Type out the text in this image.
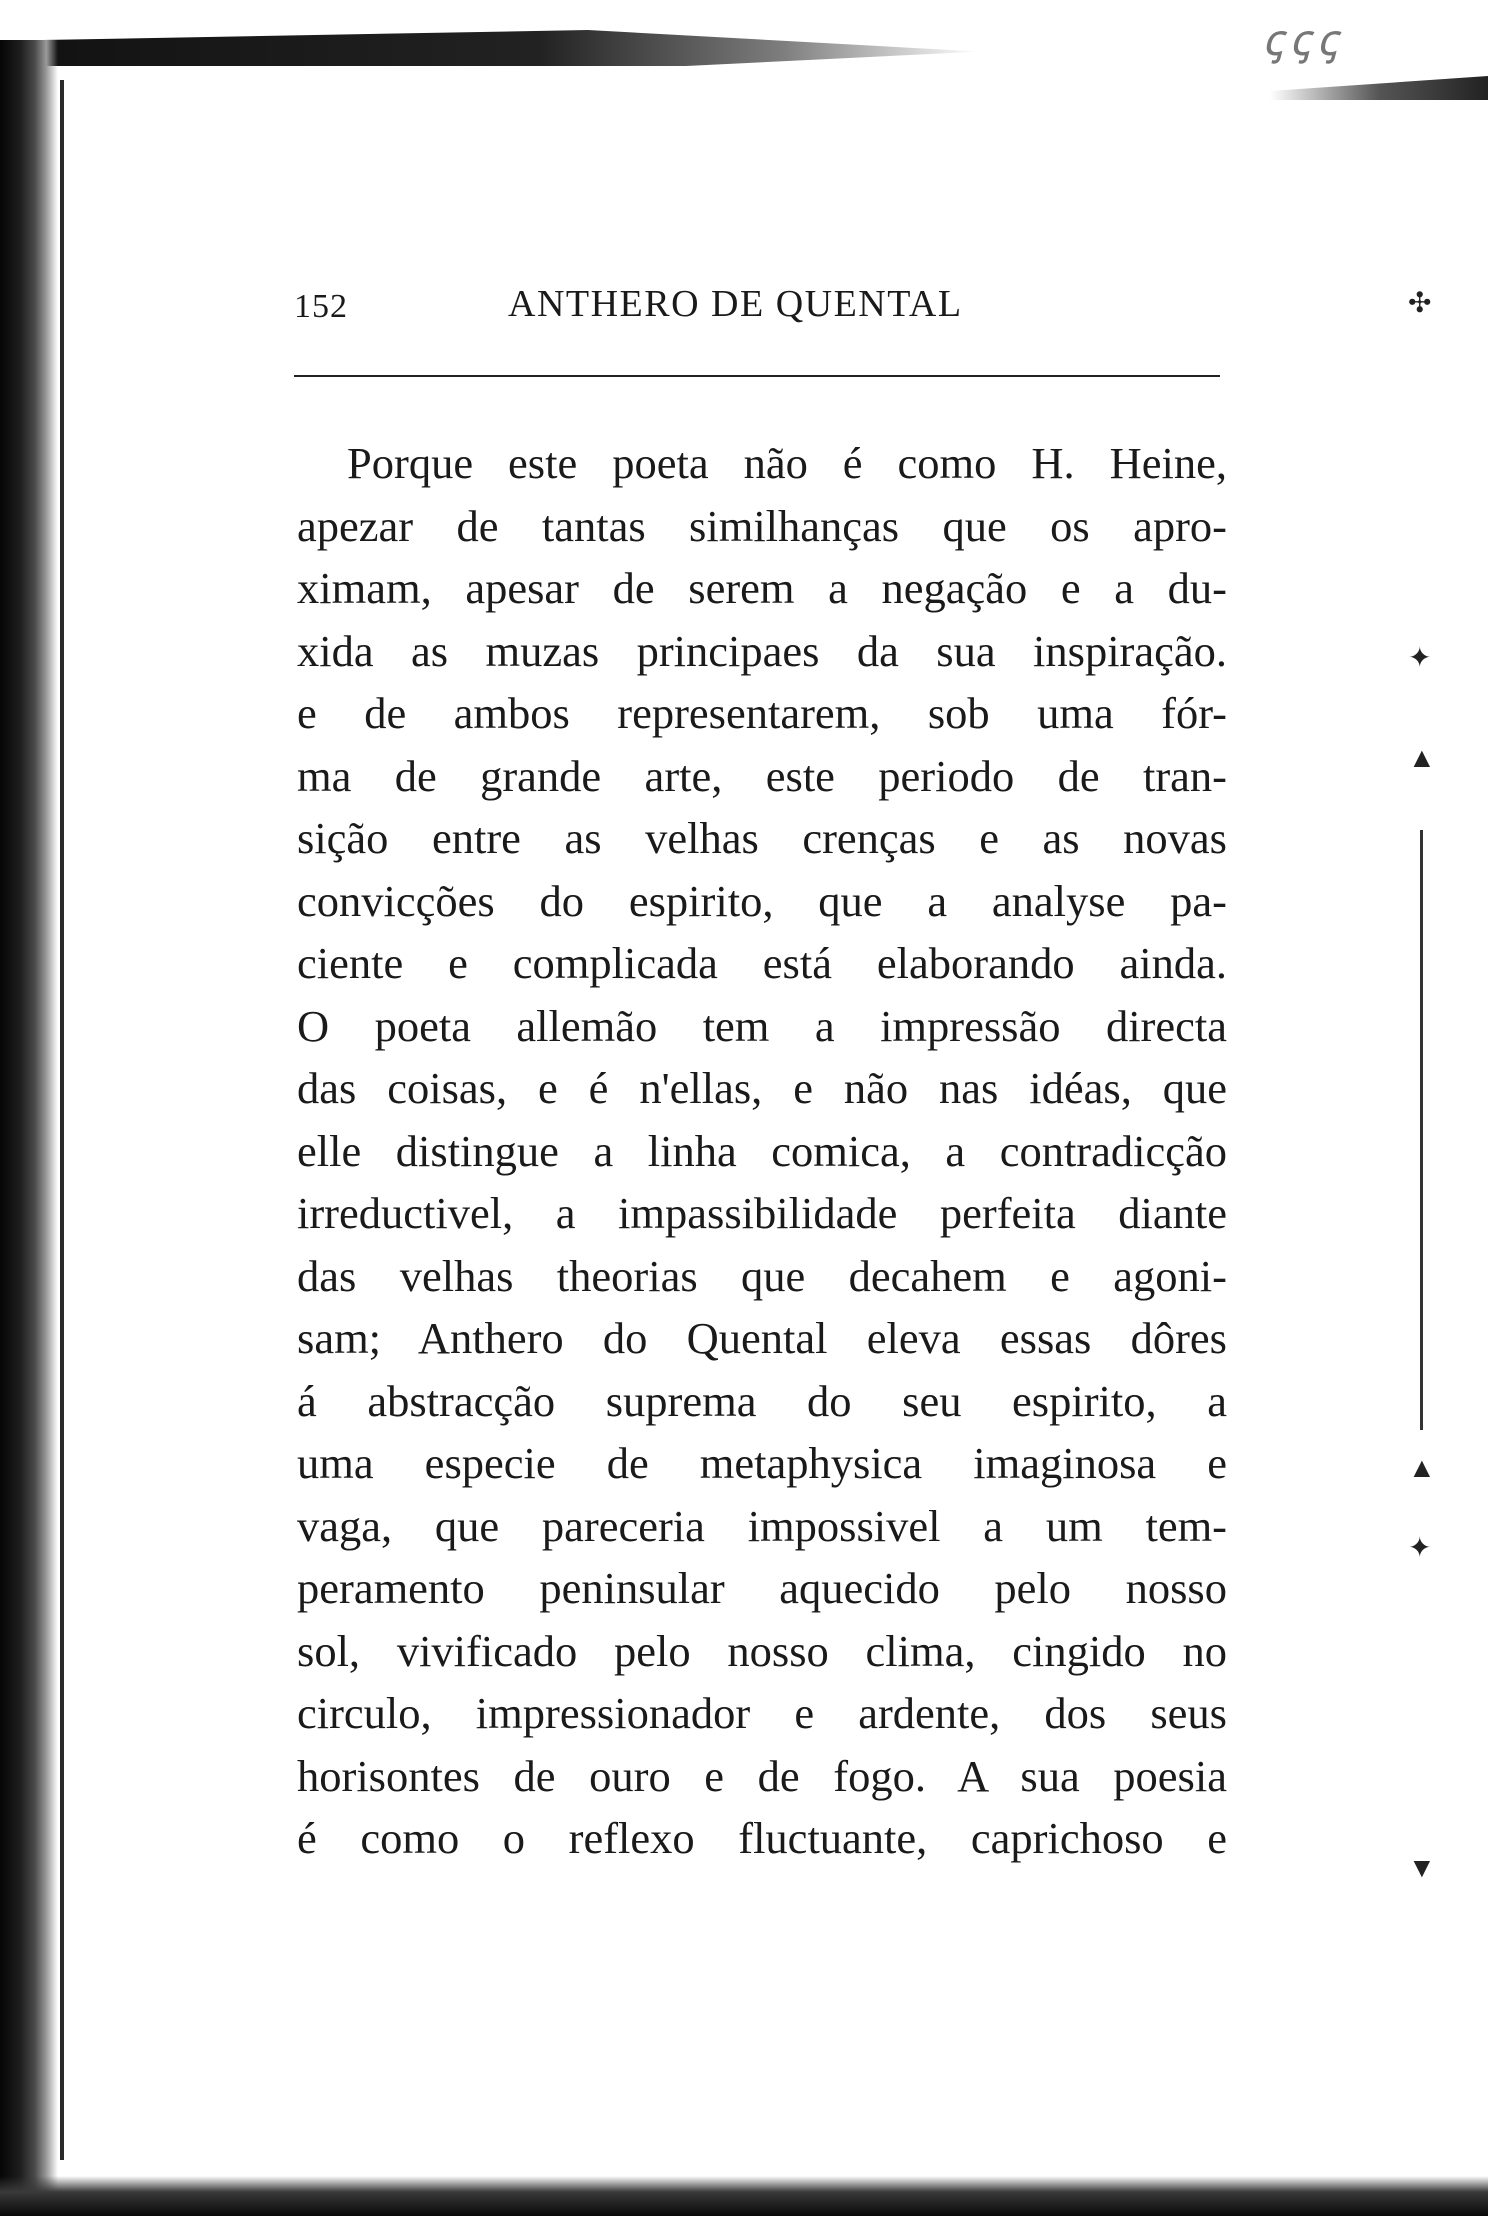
ꞔꞔꞔ
✣
✦
▲
▲
✦
▼
152	ANTHERO DE QUENTAL
Porque este poeta não é como H. Heine,
apezar de tantas similhanças que os apro-
ximam, apesar de serem a negação e a du-
xida as muzas principaes da sua inspiração.
e de ambos representarem, sob uma fór-
ma de grande arte, este periodo de tran-
sição entre as velhas crenças e as novas
convicções do espirito, que a analyse pa-
ciente e complicada está elaborando ainda.
O poeta allemão tem a impressão directa
das coisas, e é n'ellas, e não nas idéas, que
elle distingue a linha comica, a contradicção
irreductivel, a impassibilidade perfeita diante
das velhas theorias que decahem e agoni-
sam; Anthero do Quental eleva essas dôres
á abstracção suprema do seu espirito, a
uma especie de metaphysica imaginosa e
vaga, que pareceria impossivel a um tem-
peramento peninsular aquecido pelo nosso
sol, vivificado pelo nosso clima, cingido no
circulo, impressionador e ardente, dos seus
horisontes de ouro e de fogo. A sua poesia
é como o reflexo fluctuante, caprichoso e
